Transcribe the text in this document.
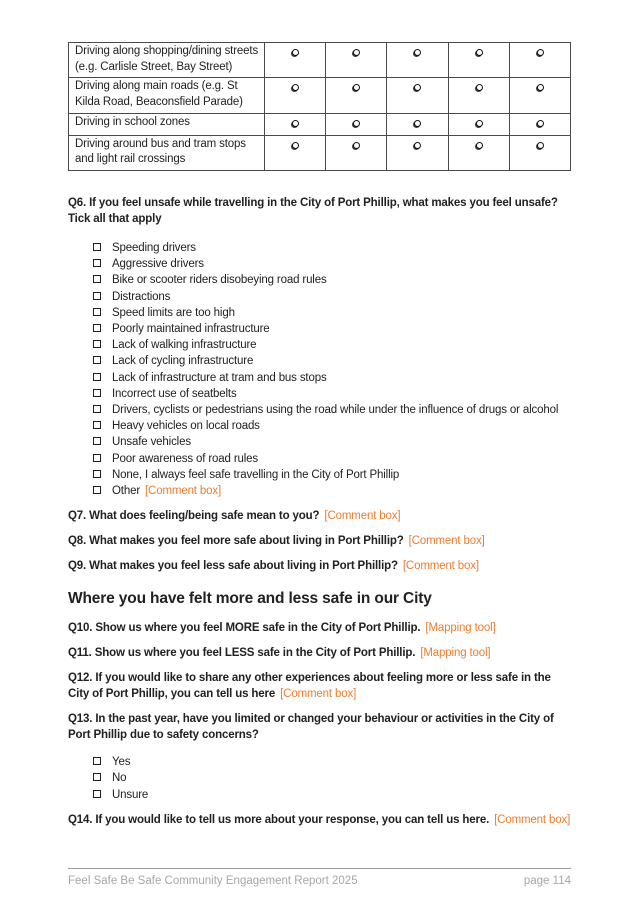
Driving along shopping/dining streets (e.g. Carlisle Street, Bay Street)					
Driving along main roads (e.g. St Kilda Road, Beaconsfield Parade)					
Driving in school zones					
Driving around bus and tram stops and light rail crossings					

Q6. If you feel unsafe while travelling in the City of Port Phillip, what makes you feel unsafe? Tick all that apply

Speeding drivers
Aggressive drivers
Bike or scooter riders disobeying road rules
Distractions
Speed limits are too high
Poorly maintained infrastructure
Lack of walking infrastructure
Lack of cycling infrastructure
Lack of infrastructure at tram and bus stops
Incorrect use of seatbelts
Drivers, cyclists or pedestrians using the road while under the influence of drugs or alcohol
Heavy vehicles on local roads
Unsafe vehicles
Poor awareness of road rules
None, I always feel safe travelling in the City of Port Phillip
Other [Comment box]

Q7. What does feeling/being safe mean to you? [Comment box]

Q8. What makes you feel more safe about living in Port Phillip? [Comment box]

Q9. What makes you feel less safe about living in Port Phillip? [Comment box]

Where you have felt more and less safe in our City

Q10. Show us where you feel MORE safe in the City of Port Phillip. [Mapping tool]

Q11. Show us where you feel LESS safe in the City of Port Phillip. [Mapping tool]

Q12. If you would like to share any other experiences about feeling more or less safe in the City of Port Phillip, you can tell us here [Comment box]

Q13. In the past year, have you limited or changed your behaviour or activities in the City of Port Phillip due to safety concerns?

Yes
No
Unsure

Q14. If you would like to tell us more about your response, you can tell us here. [Comment box]

Feel Safe Be Safe Community Engagement Report 2025	page 114
